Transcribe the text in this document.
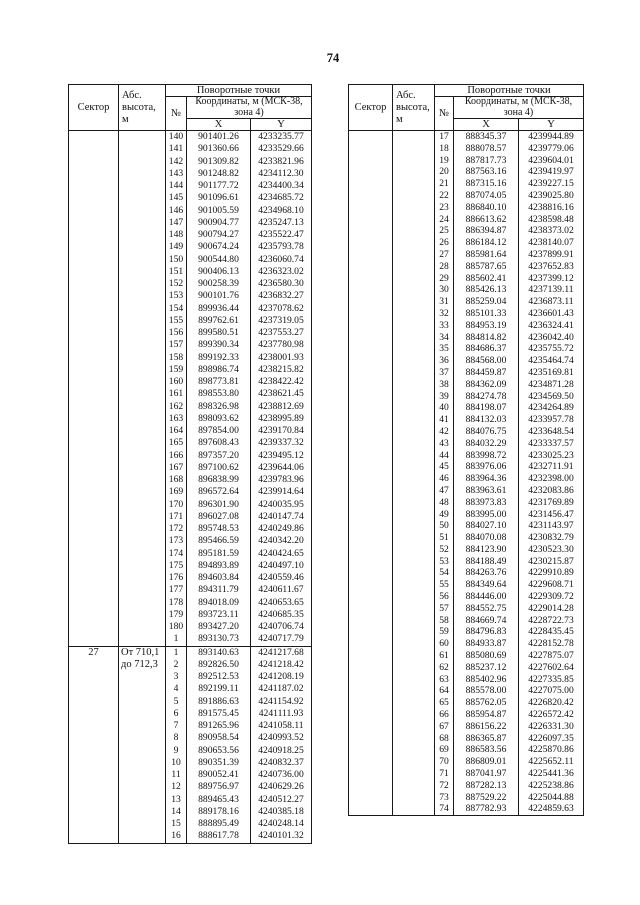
74
Сектор	Абс. высота, м	Поворотные точки		
		№	Координаты, м (МСК-38, зона 4)	
			X	Y
		140	901401.26	4233235.77
		141	901360.66	4233529.66
		142	901309.82	4233821.96
		143	901248.82	4234112.30
		144	901177.72	4234400.34
		145	901096.61	4234685.72
		146	901005.59	4234968.10
		147	900904.77	4235247.13
		148	900794.27	4235522.47
		149	900674.24	4235793.78
		150	900544.80	4236060.74
		151	900406.13	4236323.02
		152	900258.39	4236580.30
		153	900101.76	4236832.27
		154	899936.44	4237078.62
		155	899762.61	4237319.05
		156	899580.51	4237553.27
		157	899390.34	4237780.98
		158	899192.33	4238001.93
		159	898986.74	4238215.82
		160	898773.81	4238422.42
		161	898553.80	4238621.45
		162	898326.98	4238812.69
		163	898093.62	4238995.89
		164	897854.00	4239170.84
		165	897608.43	4239337.32
		166	897357.20	4239495.12
		167	897100.62	4239644.06
		168	896838.99	4239783.96
		169	896572.64	4239914.64
		170	896301.90	4240035.95
		171	896027.08	4240147.74
		172	895748.53	4240249.86
		173	895466.59	4240342.20
		174	895181.59	4240424.65
		175	894893.89	4240497.10
		176	894603.84	4240559.46
		177	894311.79	4240611.67
		178	894018.09	4240653.65
		179	893723.11	4240685.35
		180	893427.20	4240706.74
		1	893130.73	4240717.79
27	От 710,1 до 712,3	1	893140.63	4241217.68
		2	892826.50	4241218.42
		3	892512.53	4241208.19
		4	892199.11	4241187.02
		5	891886.63	4241154.92
		6	891575.45	4241111.93
		7	891265.96	4241058.11
		8	890958.54	4240993.52
		9	890653.56	4240918.25
		10	890351.39	4240832.37
		11	890052.41	4240736.00
		12	889756.97	4240629.26
		13	889465.43	4240512.27
		14	889178.16	4240385.18
		15	888895.49	4240248.14
		16	888617.78	4240101.32
Сектор	Абс. высота, м	Поворотные точки		
		№	Координаты, м (МСК-38, зона 4)	
			X	Y
		17	888345.37	4239944.89
		18	888078.57	4239779.06
		19	887817.73	4239604.01
		20	887563.16	4239419.97
		21	887315.16	4239227.15
		22	887074.05	4239025.80
		23	886840.10	4238816.16
		24	886613.62	4238598.48
		25	886394.87	4238373.02
		26	886184.12	4238140.07
		27	885981.64	4237899.91
		28	885787.65	4237652.83
		29	885602.41	4237399.12
		30	885426.13	4237139.11
		31	885259.04	4236873.11
		32	885101.33	4236601.43
		33	884953.19	4236324.41
		34	884814.82	4236042.40
		35	884686.37	4235755.72
		36	884568.00	4235464.74
		37	884459.87	4235169.81
		38	884362.09	4234871.28
		39	884274.78	4234569.50
		40	884198.07	4234264.89
		41	884132.03	4233957.78
		42	884076.75	4233648.54
		43	884032.29	4233337.57
		44	883998.72	4233025.23
		45	883976.06	4232711.91
		46	883964.36	4232398.00
		47	883963.61	4232083.86
		48	883973.83	4231769.89
		49	883995.00	4231456.47
		50	884027.10	4231143.97
		51	884070.08	4230832.79
		52	884123.90	4230523.30
		53	884188.49	4230215.87
		54	884263.76	4229910.89
		55	884349.64	4229608.71
		56	884446.00	4229309.72
		57	884552.75	4229014.28
		58	884669.74	4228722.73
		59	884796.83	4228435.45
		60	884933.87	4228152.78
		61	885080.69	4227875.07
		62	885237.12	4227602.64
		63	885402.96	4227335.85
		64	885578.00	4227075.00
		65	885762.05	4226820.42
		66	885954.87	4226572.42
		67	886156.22	4226331.30
		68	886365.87	4226097.35
		69	886583.56	4225870.86
		70	886809.01	4225652.11
		71	887041.97	4225441.36
		72	887282.13	4225238.86
		73	887529.22	4225044.88
		74	887782.93	4224859.63
